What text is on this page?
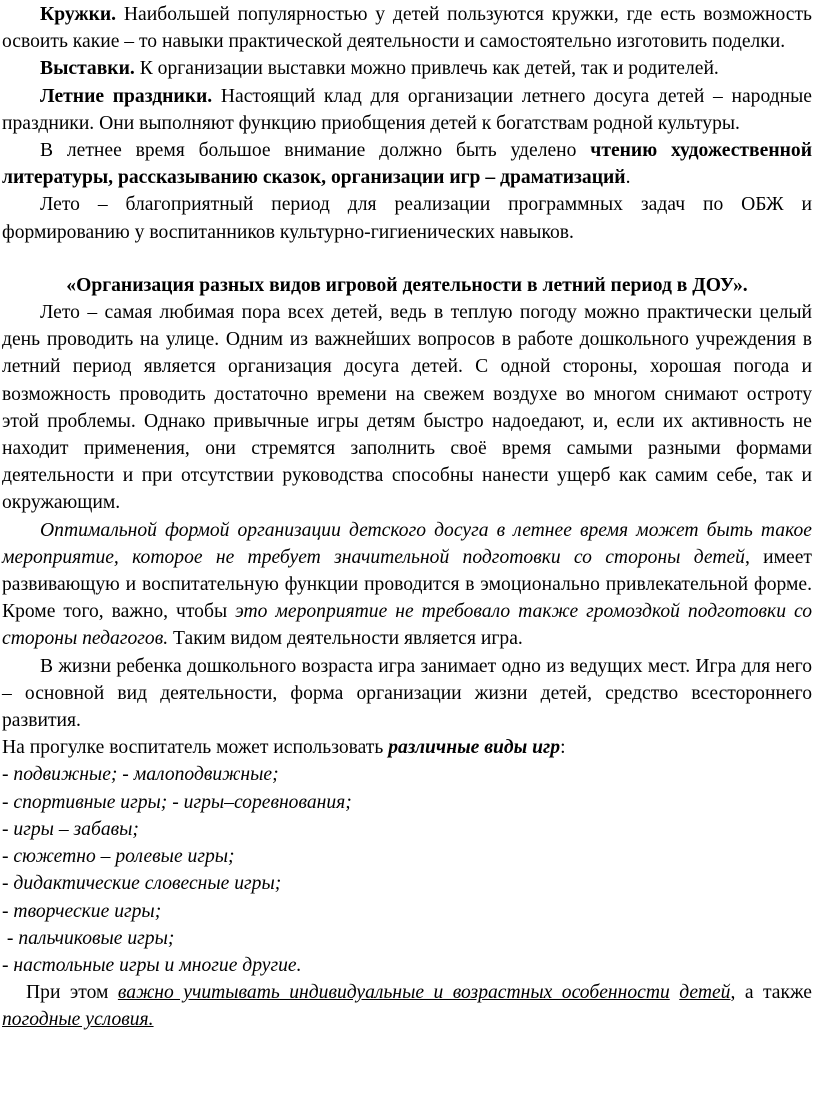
Кружки. Наибольшей популярностью у детей пользуются кружки, где есть возможность освоить какие – то навыки практической деятельности и самостоятельно изготовить поделки.

Выставки. К организации выставки можно привлечь как детей, так и родителей.

Летние праздники. Настоящий клад для организации летнего досуга детей – народные праздники. Они выполняют функцию приобщения детей к богатствам родной культуры.

В летнее время большое внимание должно быть уделено чтению художественной литературы, рассказыванию сказок, организации игр – драматизаций.

Лето – благоприятный период для реализации программных задач по ОБЖ и формированию у воспитанников культурно-гигиенических навыков.

«Организация разных видов игровой деятельности в летний период в ДОУ».

Лето – самая любимая пора всех детей, ведь в теплую погоду можно практически целый день проводить на улице. Одним из важнейших вопросов в работе дошкольного учреждения в летний период является организация досуга детей. С одной стороны, хорошая погода и возможность проводить достаточно времени на свежем воздухе во многом снимают остроту этой проблемы. Однако привычные игры детям быстро надоедают, и, если их активность не находит применения, они стремятся заполнить своё время самыми разными формами деятельности и при отсутствии руководства способны нанести ущерб как самим себе, так и окружающим.

Оптимальной формой организации детского досуга в летнее время может быть такое мероприятие, которое не требует значительной подготовки со стороны детей, имеет развивающую и воспитательную функции проводится в эмоционально привлекательной форме. Кроме того, важно, чтобы это мероприятие не требовало также громоздкой подготовки со стороны педагогов. Таким видом деятельности является игра.

В жизни ребенка дошкольного возраста игра занимает одно из ведущих мест. Игра для него – основной вид деятельности, форма организации жизни детей, средство всестороннего развития.

На прогулке воспитатель может использовать различные виды игр:

- подвижные; - малоподвижные;

- спортивные игры; - игры–соревнования;

- игры – забавы;

- сюжетно – ролевые игры;

- дидактические словесные игры;

- творческие игры;

- пальчиковые игры;

- настольные игры и многие другие.

При этом важно учитывать индивидуальные и возрастных особенности детей, а также погодные условия.
